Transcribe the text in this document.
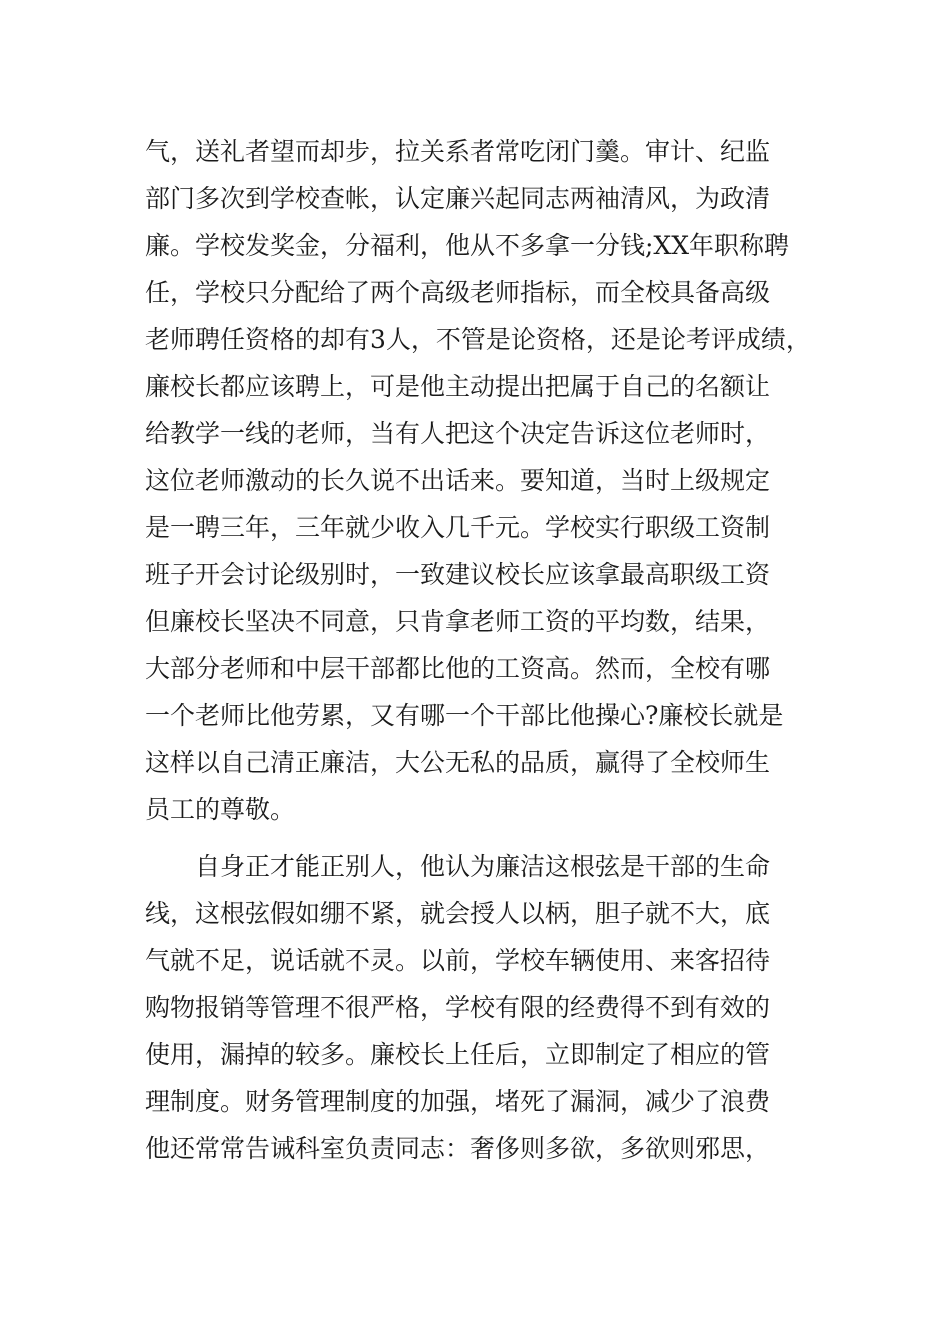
气，送礼者望而却步，拉关系者常吃闭门羹。审计、纪监
部门多次到学校查帐，认定廉兴起同志两袖清风，为政清
廉。学校发奖金，分福利，他从不多拿一分钱;XX年职称聘
任，学校只分配给了两个高级老师指标，而全校具备高级
老师聘任资格的却有3人，不管是论资格，还是论考评成绩，
廉校长都应该聘上，可是他主动提出把属于自己的名额让
给教学一线的老师，当有人把这个决定告诉这位老师时，
这位老师激动的长久说不出话来。要知道，当时上级规定
是一聘三年，三年就少收入几千元。学校实行职级工资制
班子开会讨论级别时，一致建议校长应该拿最高职级工资
但廉校长坚决不同意，只肯拿老师工资的平均数，结果，
大部分老师和中层干部都比他的工资高。然而，全校有哪
一个老师比他劳累，又有哪一个干部比他操心?廉校长就是
这样以自己清正廉洁，大公无私的品质，赢得了全校师生
员工的尊敬。
自身正才能正别人，他认为廉洁这根弦是干部的生命
线，这根弦假如绷不紧，就会授人以柄，胆子就不大，底
气就不足，说话就不灵。以前，学校车辆使用、来客招待
购物报销等管理不很严格，学校有限的经费得不到有效的
使用，漏掉的较多。廉校长上任后，立即制定了相应的管
理制度。财务管理制度的加强，堵死了漏洞，减少了浪费
他还常常告诫科室负责同志：奢侈则多欲，多欲则邪思，
